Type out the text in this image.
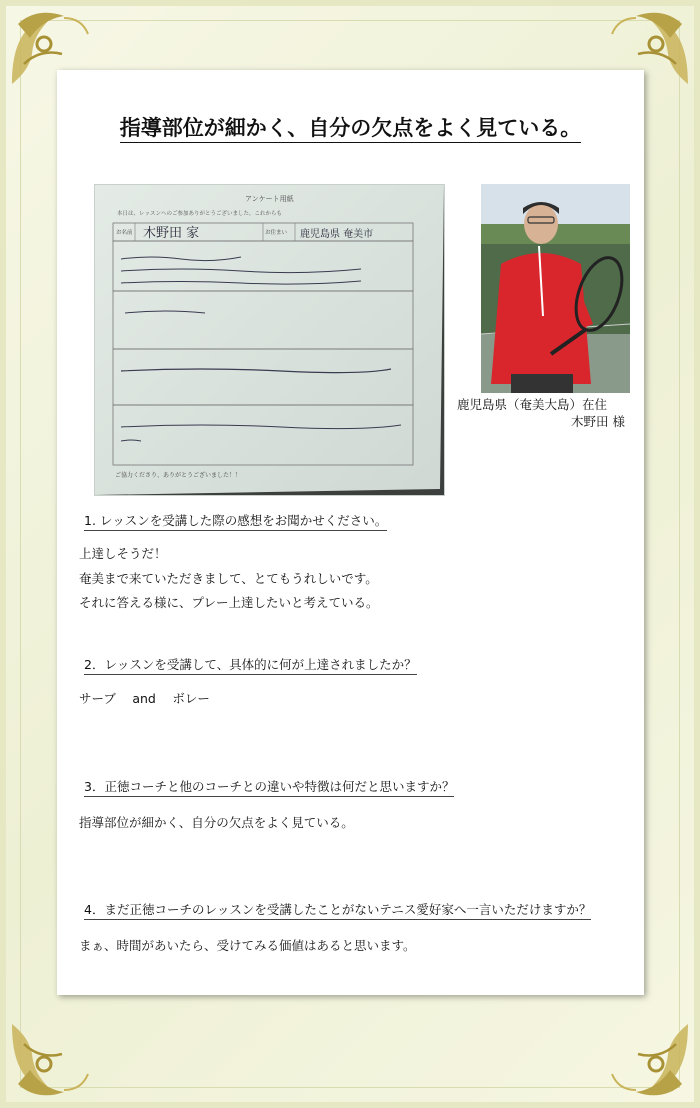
指導部位が細かく、自分の欠点をよく見ている。
アンケート用紙
本日は、レッスンへのご参加ありがとうございました。これからも
お名前 木野田 家	お住まい 鹿児島県 奄美市
ご協力くださり、ありがとうございました！！
鹿児島県（奄美大島）在住
木野田 様
1. レッスンを受講した際の感想をお聞かせください。
上達しそうだ！
奄美まで来ていただきまして、とてもうれしいです。
それに答える様に、プレー上達したいと考えている。
2．レッスンを受講して、具体的に何が上達されましたか？
サーブ　 and　 ボレー
3．正徳コーチと他のコーチとの違いや特徴は何だと思いますか？
指導部位が細かく、自分の欠点をよく見ている。
4．まだ正徳コーチのレッスンを受講したことがないテニス愛好家へ一言いただけますか？
まぁ、時間があいたら、受けてみる価値はあると思います。
